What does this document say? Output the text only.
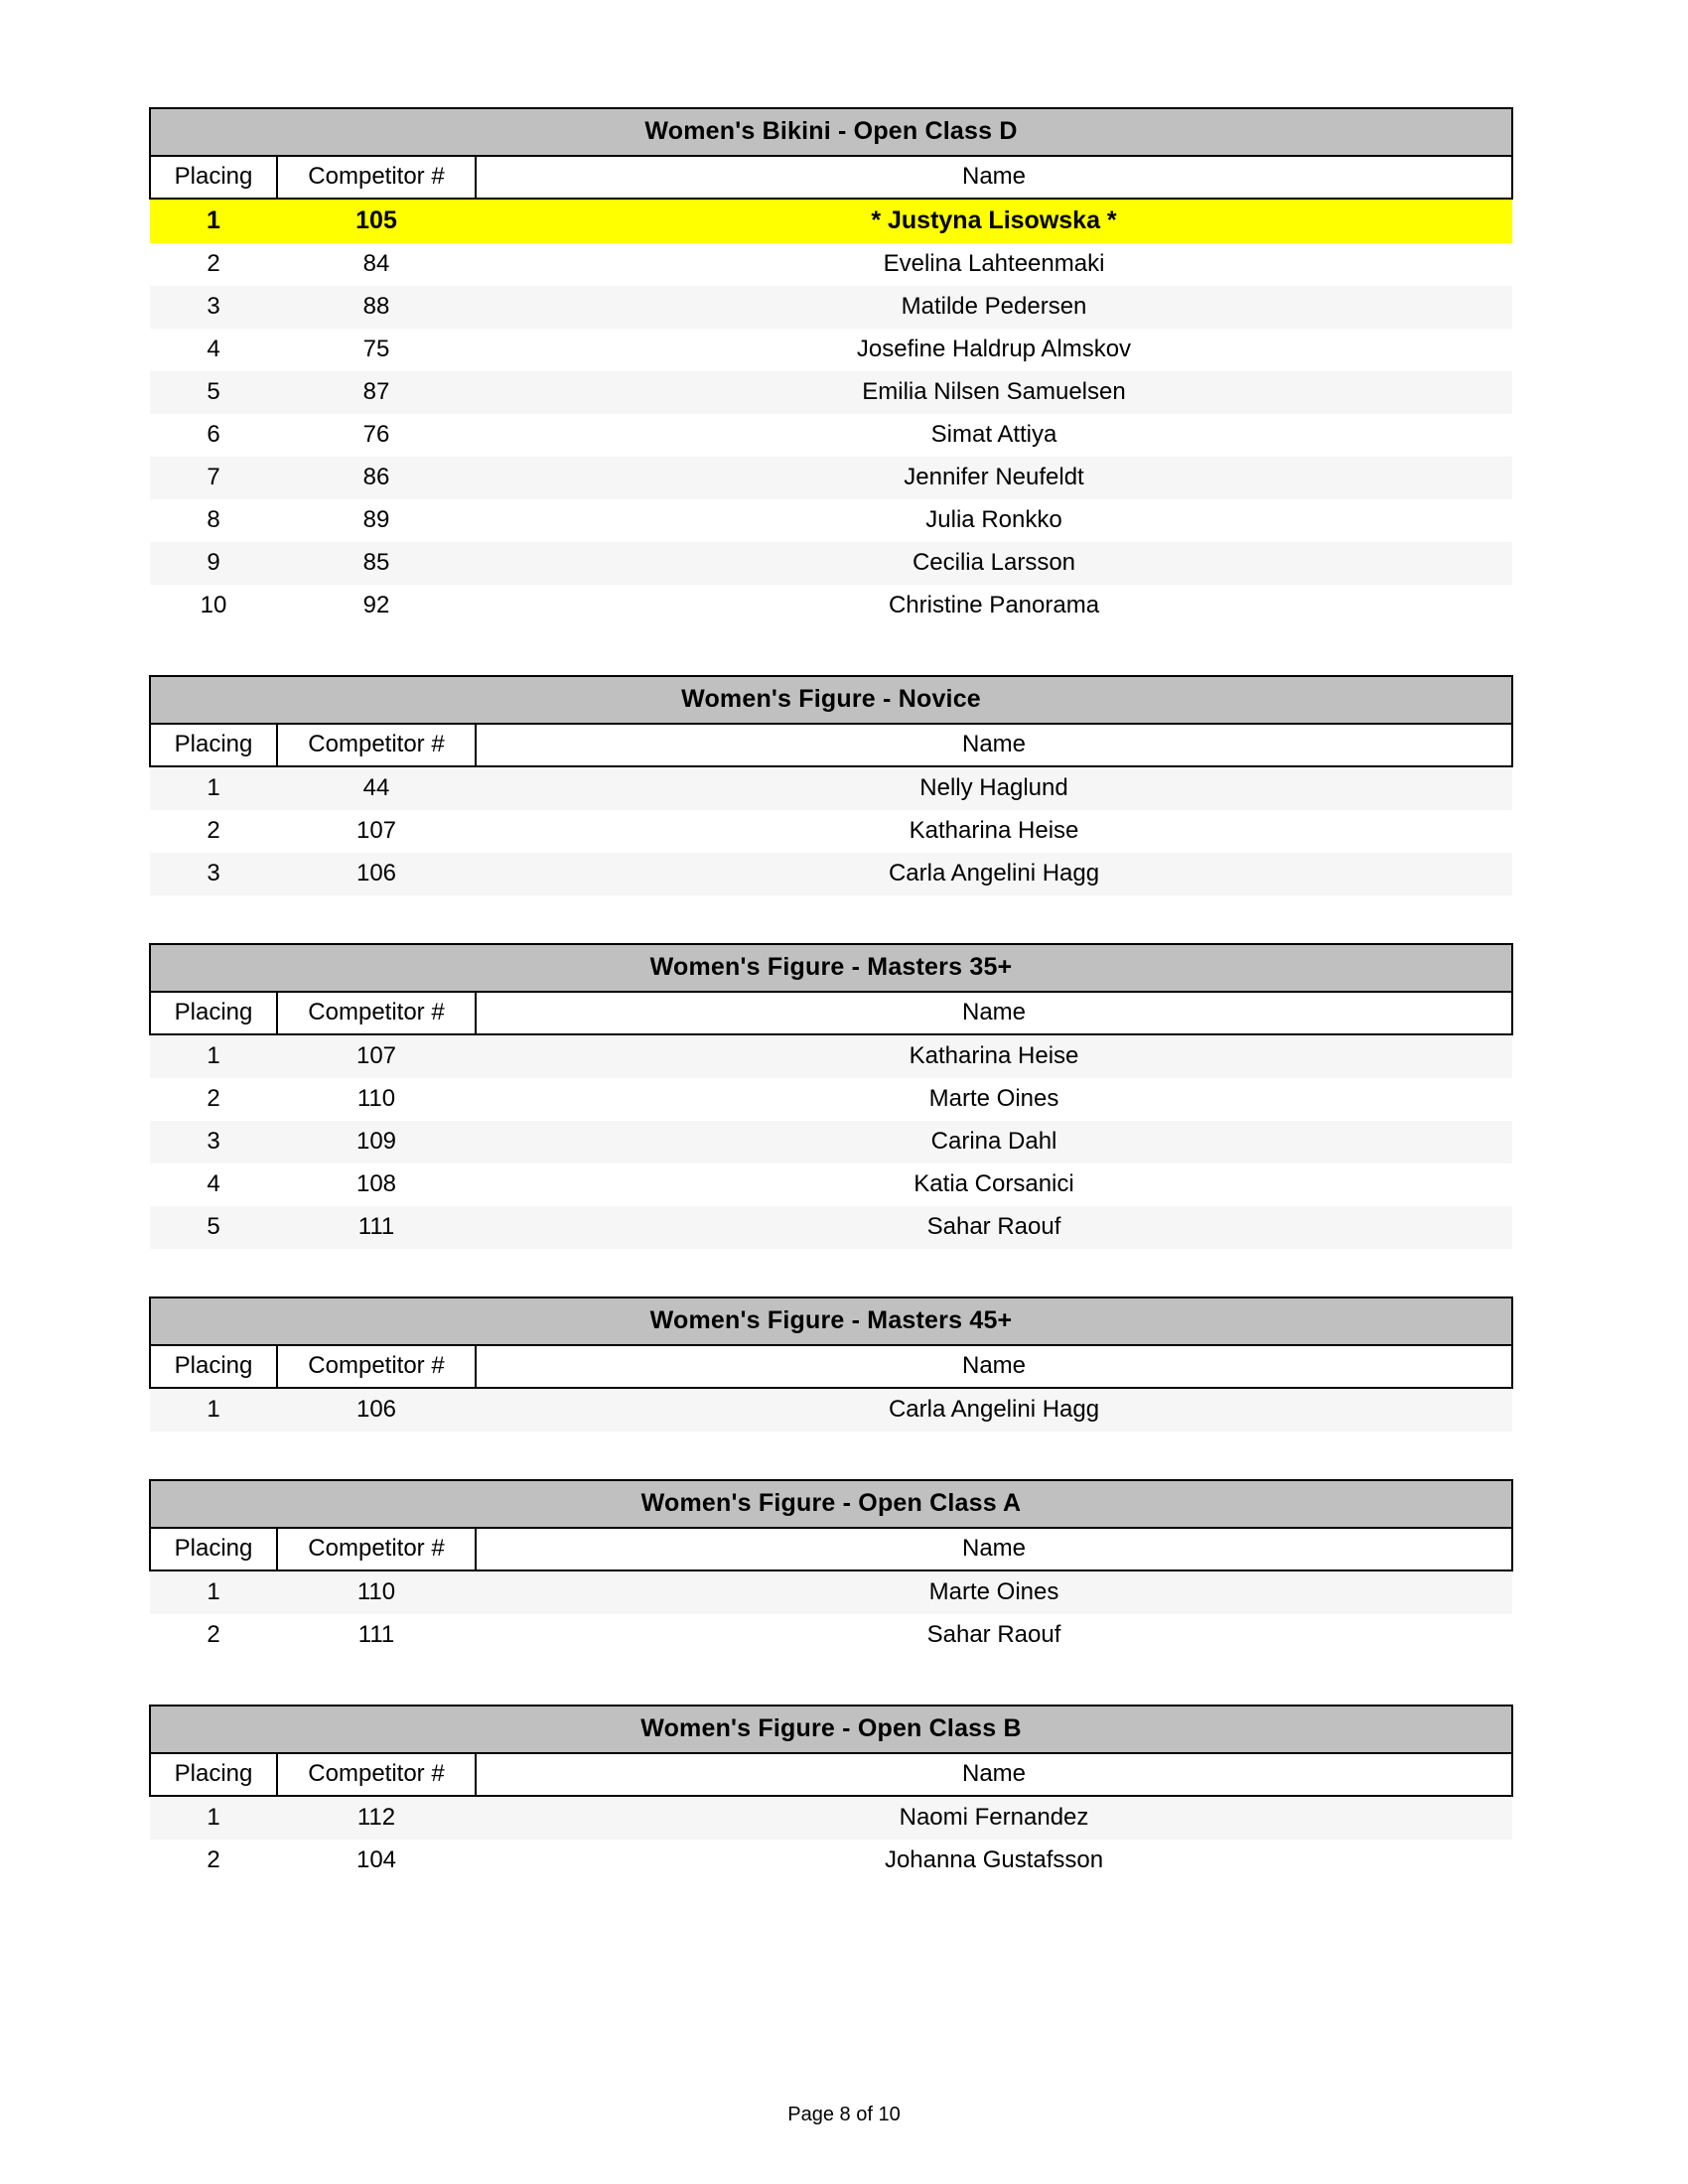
Women's Bikini - Open Class D		
Placing	Competitor #	Name
1	105	* Justyna Lisowska *
2	84	Evelina Lahteenmaki
3	88	Matilde Pedersen
4	75	Josefine Haldrup Almskov
5	87	Emilia Nilsen Samuelsen
6	76	Simat Attiya
7	86	Jennifer Neufeldt
8	89	Julia Ronkko
9	85	Cecilia Larsson
10	92	Christine Panorama
Women's Figure - Novice		
Placing	Competitor #	Name
1	44	Nelly Haglund
2	107	Katharina Heise
3	106	Carla Angelini Hagg
Women's Figure - Masters 35+		
Placing	Competitor #	Name
1	107	Katharina Heise
2	110	Marte Oines
3	109	Carina Dahl
4	108	Katia Corsanici
5	111	Sahar Raouf
Women's Figure - Masters 45+		
Placing	Competitor #	Name
1	106	Carla Angelini Hagg
Women's Figure - Open Class A		
Placing	Competitor #	Name
1	110	Marte Oines
2	111	Sahar Raouf
Women's Figure - Open Class B		
Placing	Competitor #	Name
1	112	Naomi Fernandez
2	104	Johanna Gustafsson
Page 8 of 10
